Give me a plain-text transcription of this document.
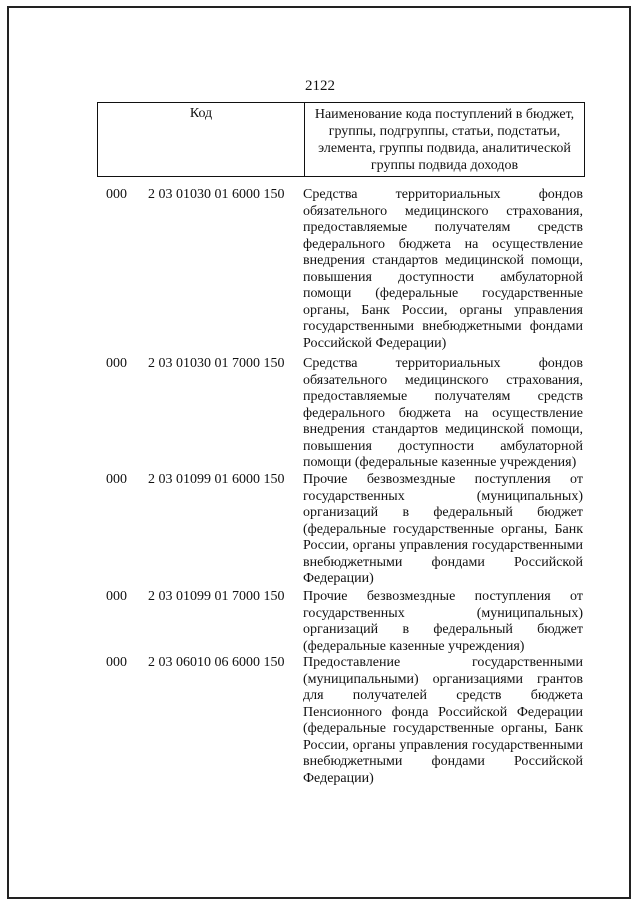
2122
Код	Наименование кода поступлений в бюджет, группы, подгруппы, статьи, подстатьи, элемента, группы подвида, аналитической группы подвида доходов
000 2 03 01030 01 6000 150 Средства территориальных фондов обязательного медицинского страхования, предоставляемые получателям средств федерального бюджета на осуществление внедрения стандартов медицинской помощи, повышения доступности амбулаторной помощи (федеральные государственные органы, Банк России, органы управления государственными внебюджетными фондами Российской Федерации)
000 2 03 01030 01 7000 150 Средства территориальных фондов обязательного медицинского страхования, предоставляемые получателям средств федерального бюджета на осуществление внедрения стандартов медицинской помощи, повышения доступности амбулаторной помощи (федеральные казенные учреждения)
000 2 03 01099 01 6000 150 Прочие безвозмездные поступления от государственных (муниципальных) организаций в федеральный бюджет (федеральные государственные органы, Банк России, органы управления государственными внебюджетными фондами Российской Федерации)
000 2 03 01099 01 7000 150 Прочие безвозмездные поступления от государственных (муниципальных) организаций в федеральный бюджет (федеральные казенные учреждения)
000 2 03 06010 06 6000 150 Предоставление государственными (муниципальными) организациями грантов для получателей средств бюджета Пенсионного фонда Российской Федерации (федеральные государственные органы, Банк России, органы управления государственными внебюджетными фондами Российской Федерации)
